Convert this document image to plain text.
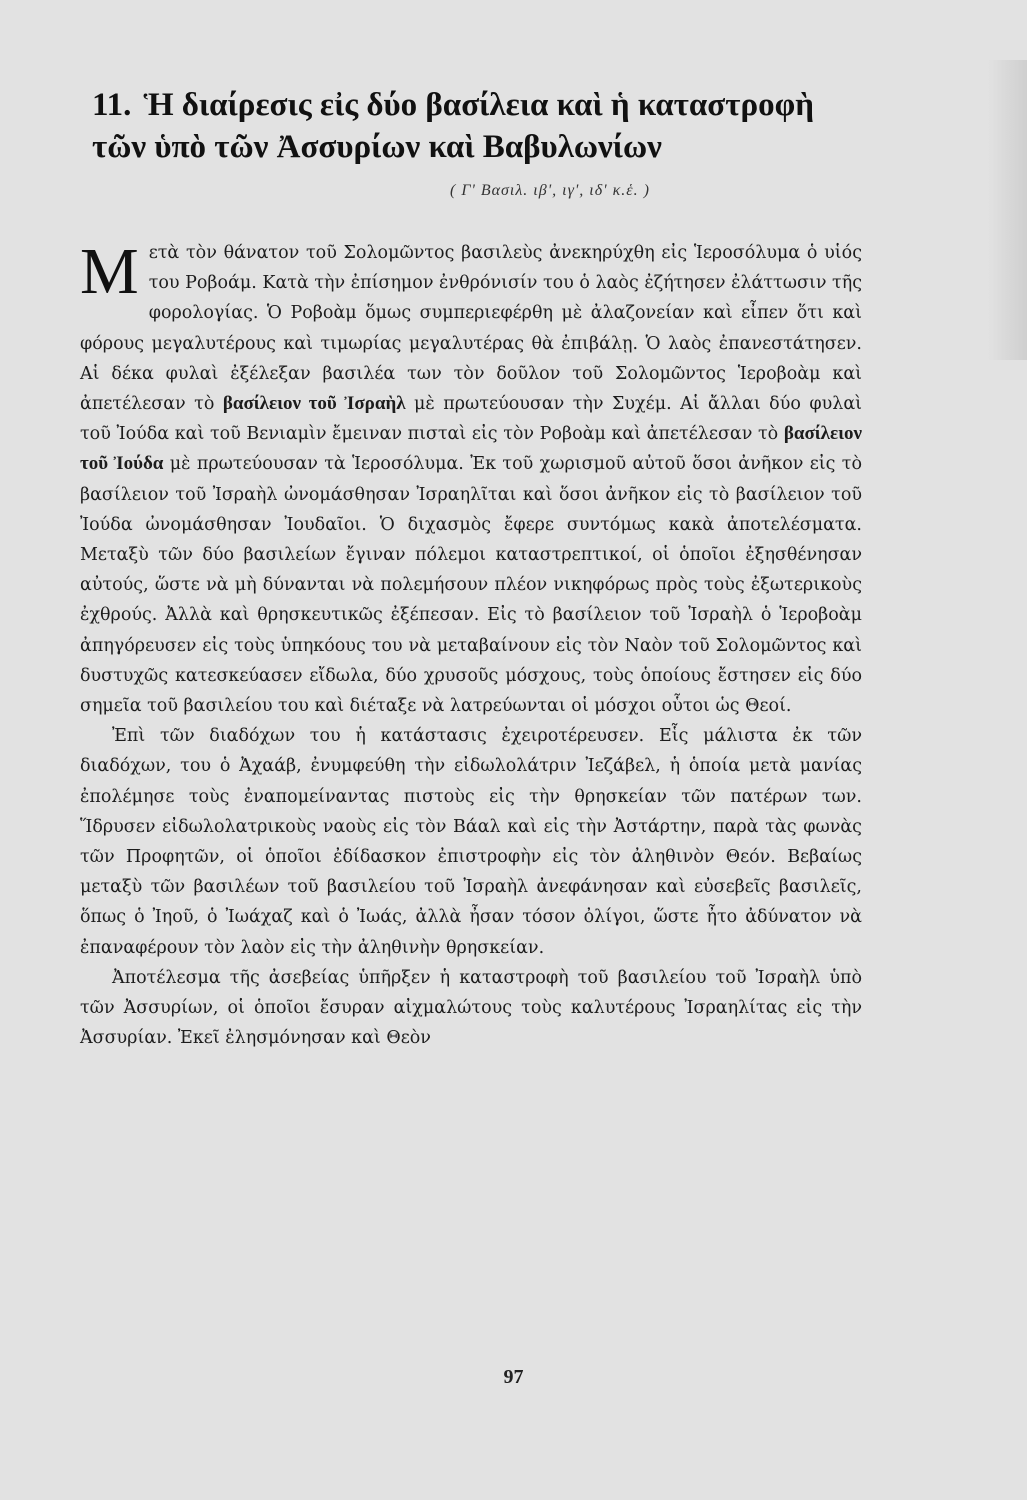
11. Ἡ διαίρεσις εἰς δύο βασίλεια καὶ ἡ καταστροφὴ τῶν ὑπὸ τῶν Ἀσσυρίων καὶ Βαβυλωνίων
( Γ' Βασιλ. ιβ', ιγ', ιδ' κ.ἑ. )

Μετὰ τὸν θάνατον τοῦ Σολομῶντος βασιλεὺς ἀνεκηρύχθη εἰς Ἱεροσόλυμα ὁ υἱός του Ροβοάμ. Κατὰ τὴν ἐπίσημον ἐνθρόνισίν του ὁ λαὸς ἐζήτησεν ἐλάττωσιν τῆς φορολογίας. Ὁ Ροβοὰμ ὅμως συμπεριεφέρθη μὲ ἀλαζονείαν καὶ εἶπεν ὅτι καὶ φόρους μεγαλυτέρους καὶ τιμωρίας μεγαλυτέρας θὰ ἐπιβάλῃ. Ὁ λαὸς ἐπανεστάτησεν. Αἱ δέκα φυλαὶ ἐξέλεξαν βασιλέα των τὸν δοῦλον τοῦ Σολομῶντος Ἱεροβοὰμ καὶ ἀπετέλεσαν τὸ βασίλειον τοῦ Ἰσραὴλ μὲ πρωτεύουσαν τὴν Συχέμ. Αἱ ἄλλαι δύο φυλαὶ τοῦ Ἰούδα καὶ τοῦ Βενιαμὶν ἔμειναν πισταὶ εἰς τὸν Ροβοὰμ καὶ ἀπετέλεσαν τὸ βασίλειον τοῦ Ἰούδα μὲ πρωτεύουσαν τὰ Ἱεροσόλυμα. Ἐκ τοῦ χωρισμοῦ αὐτοῦ ὅσοι ἀνῆκον εἰς τὸ βασίλειον τοῦ Ἰσραὴλ ὠνομάσθησαν Ἰσραηλῖται καὶ ὅσοι ἀνῆκον εἰς τὸ βασίλειον τοῦ Ἰούδα ὠνομάσθησαν Ἰουδαῖοι. Ὁ διχασμὸς ἔφερε συντόμως κακὰ ἀποτελέσματα. Μεταξὺ τῶν δύο βασιλείων ἔγιναν πόλεμοι καταστρεπτικοί, οἱ ὁποῖοι ἐξησθένησαν αὐτούς, ὥστε νὰ μὴ δύνανται νὰ πολεμήσουν πλέον νικηφόρως πρὸς τοὺς ἐξωτερικοὺς ἐχθρούς. Ἀλλὰ καὶ θρησκευτικῶς ἐξέπεσαν. Εἰς τὸ βασίλειον τοῦ Ἰσραὴλ ὁ Ἱεροβοὰμ ἀπηγόρευσεν εἰς τοὺς ὑπηκόους του νὰ μεταβαίνουν εἰς τὸν Ναὸν τοῦ Σολομῶντος καὶ δυστυχῶς κατεσκεύασεν εἴδωλα, δύο χρυσοῦς μόσχους, τοὺς ὁποίους ἔστησεν εἰς δύο σημεῖα τοῦ βασιλείου του καὶ διέταξε νὰ λατρεύωνται οἱ μόσχοι οὗτοι ὡς Θεοί.

Ἐπὶ τῶν διαδόχων του ἡ κατάστασις ἐχειροτέρευσεν. Εἷς μάλιστα ἐκ τῶν διαδόχων, του ὁ Ἀχαάβ, ἐνυμφεύθη τὴν εἰδωλολάτριν Ἰεζάβελ, ἡ ὁποία μετὰ μανίας ἐπολέμησε τοὺς ἐναπομείναντας πιστοὺς εἰς τὴν θρησκείαν τῶν πατέρων των. Ἵδρυσεν εἰδωλολατρικοὺς ναοὺς εἰς τὸν Βάαλ καὶ εἰς τὴν Ἀστάρτην, παρὰ τὰς φωνὰς τῶν Προφητῶν, οἱ ὁποῖοι ἐδίδασκον ἐπιστροφὴν εἰς τὸν ἀληθινὸν Θεόν. Βεβαίως μεταξὺ τῶν βασιλέων τοῦ βασιλείου τοῦ Ἰσραὴλ ἀνεφάνησαν καὶ εὐσεβεῖς βασιλεῖς, ὅπως ὁ Ἰηοῦ, ὁ Ἰωάχαζ καὶ ὁ Ἰωάς, ἀλλὰ ἦσαν τόσον ὀλίγοι, ὥστε ἦτο ἀδύνατον νὰ ἐπαναφέρουν τὸν λαὸν εἰς τὴν ἀληθινὴν θρησκείαν.

Ἀποτέλεσμα τῆς ἀσεβείας ὑπῆρξεν ἡ καταστροφὴ τοῦ βασιλείου τοῦ Ἰσραὴλ ὑπὸ τῶν Ἀσσυρίων, οἱ ὁποῖοι ἔσυραν αἰχμαλώτους τοὺς καλυτέρους Ἰσραηλίτας εἰς τὴν Ἀσσυρίαν. Ἐκεῖ ἐλησμόνησαν καὶ Θεὸν

97
